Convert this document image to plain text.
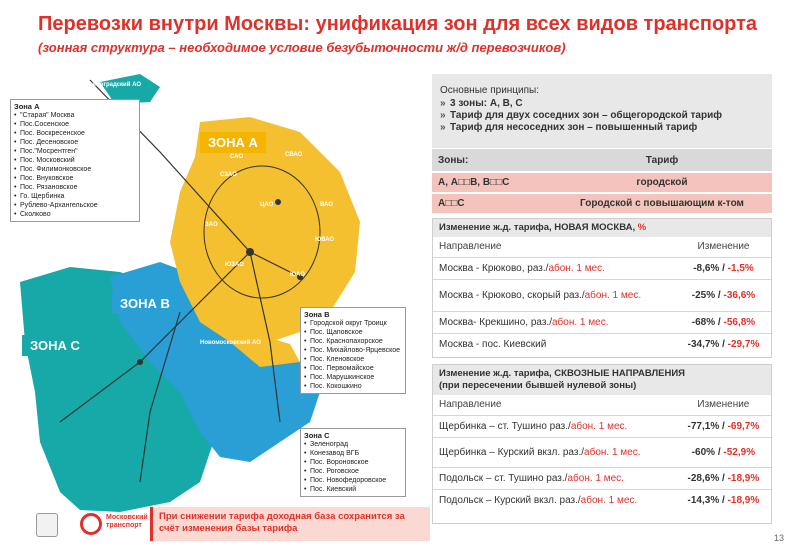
Перевозки внутри Москвы: унификация зон для всех видов транспорта
(зонная структура – необходимое условие безубыточности ж/д перевозчиков)
ЗОНА А
ЗОНА В
ЗОНА С
Зеленоградский АО
САО	СВАО
ЦАО	ВАО
ЗАО
ЮВАО
ЮАО
ЮЗАО
СЗАО
Новомосковский АО
Зона А
• "Старая" Москва
• Пос.Сосенское
• Пос. Воскресенское
• Пос. Десеновское
• Пос."Мосрентген"
• Пос. Московский
• Пос. Филимонковское
• Пос. Внуковское
• Пос. Рязановское
• Го. Щербинка
• Рублево-Архангельское
• Сколково
Зона В
• Городской округ Троицк
• Пос. Щаповское
• Пос. Краснопахорское
• Пос. Михайлово-Ярцевское
• Пос. Кленовское
• Пос. Первомайское
• Пос. Марушкинское
• Пос. Кокошкино
Зона С
• Зеленоград
• Конезавод ВГБ
• Пос. Вороновское
• Пос. Роговское
• Пос. Новофедоровское
• Пос. Киевский
Основные принципы:
» 3 зоны: А, В, С
» Тариф для двух соседних зон – общегородской тариф
» Тариф для несоседних зон – повышенный тариф
Зоны:	Тариф
А, А□□В, В□□С	городской
А□□С	Городской с повышающим к-том
Изменение ж.д. тарифа, НОВАЯ МОСКВА, %
Направление	Изменение
Москва - Крюково, раз./абон. 1 мес.	-8,6% / -1,5%
Москва - Крюково, скорый раз./абон. 1 мес.	-25% / -36,6%
Москва- Крекшино, раз./абон. 1 мес.	-68% / -56,8%
Москва - пос. Киевский	-34,7% / -29,7%
Изменение ж.д. тарифа, СКВОЗНЫЕ НАПРАВЛЕНИЯ
(при пересечении бывшей нулевой зоны)
Направление	Изменение
Щербинка – ст. Тушино раз./абон. 1 мес.	-77,1% / -69,7%
Щербинка – Курский вкзл. раз./абон. 1 мес.	-60% / -52,9%
Подольск – ст. Тушино раз./абон. 1 мес.	-28,6% / -18,9%
Подольск – Курский вкзл. раз./абон. 1 мес.	-14,3% / -18,9%
Московский транспорт
При снижении тарифа доходная база сохранится за счёт изменения базы тарифа
13
